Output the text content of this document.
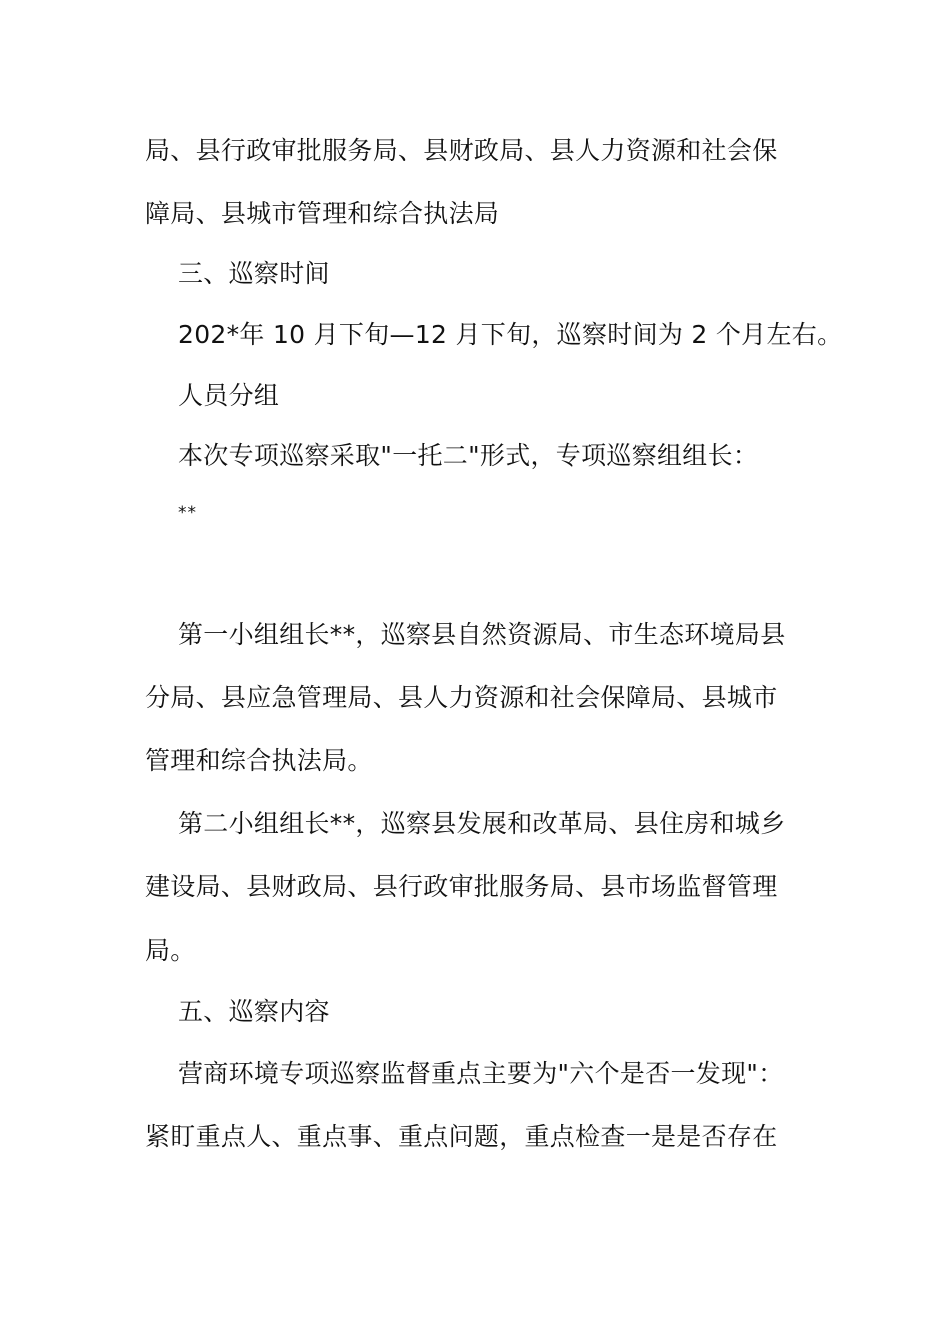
局、县行政审批服务局、县财政局、县人力资源和社会保
障局、县城市管理和综合执法局
三、巡察时间
202*年 10 月下旬—12 月下旬，巡察时间为 2 个月左右。
人员分组
本次专项巡察采取"一托二"形式，专项巡察组组长：
**
第一小组组长**，巡察县自然资源局、市生态环境局县
分局、县应急管理局、县人力资源和社会保障局、县城市
管理和综合执法局。
第二小组组长**，巡察县发展和改革局、县住房和城乡
建设局、县财政局、县行政审批服务局、县市场监督管理
局。
五、巡察内容
营商环境专项巡察监督重点主要为"六个是否一发现"：
紧盯重点人、重点事、重点问题，重点检查一是是否存在
